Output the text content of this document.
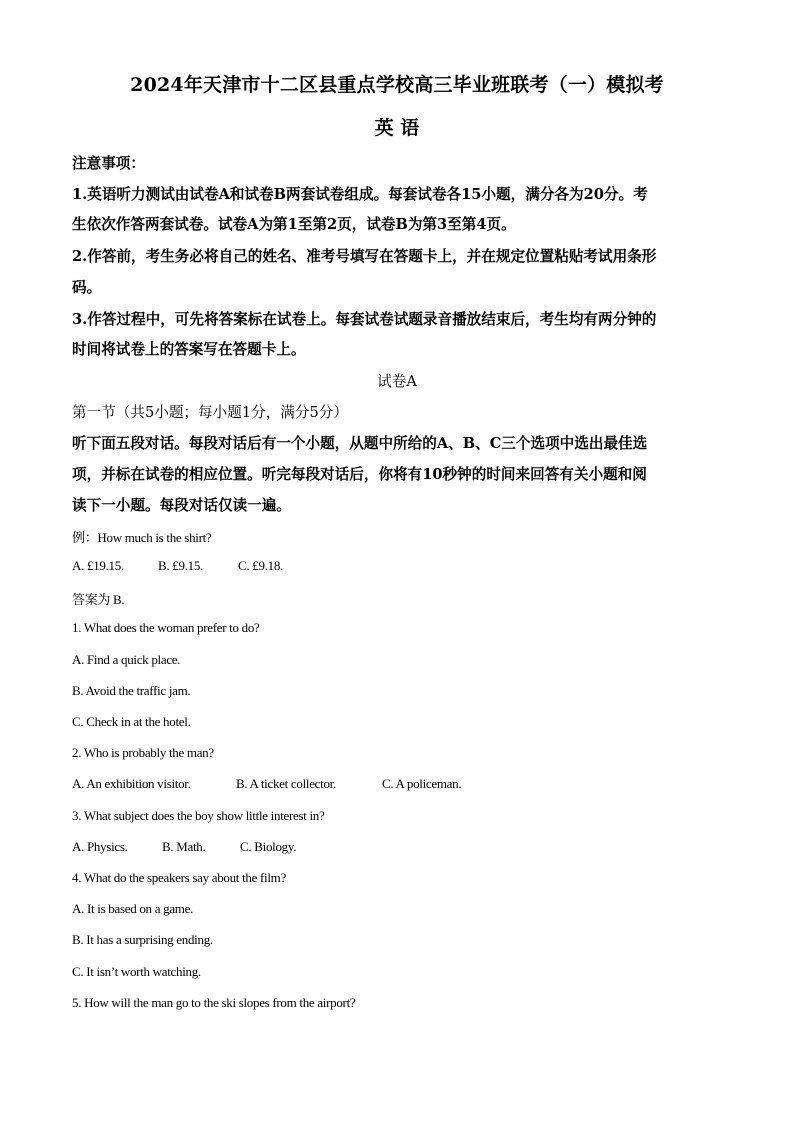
2024年天津市十二区县重点学校高三毕业班联考（一）模拟考
英 语
注意事项：
1.英语听力测试由试卷A和试卷B两套试卷组成。每套试卷各15小题，满分各为20分。考
生依次作答两套试卷。试卷A为第1至第2页，试卷B为第3至第4页。
2.作答前，考生务必将自己的姓名、准考号填写在答题卡上，并在规定位置粘贴考试用条形
码。
3.作答过程中，可先将答案标在试卷上。每套试卷试题录音播放结束后，考生均有两分钟的
时间将试卷上的答案写在答题卡上。
试卷A
第一节（共5小题；每小题1分，满分5分）
听下面五段对话。每段对话后有一个小题，从题中所给的A、B、C三个选项中选出最佳选
项，并标在试卷的相应位置。听完每段对话后，你将有10秒钟的时间来回答有关小题和阅
读下一小题。每段对话仅读一遍。
例：How much is the shirt?
A. £19.15.	B. £9.15.	C. £9.18.
答案为 B.
1. What does the woman prefer to do?
A. Find a quick place.
B. Avoid the traffic jam.
C. Check in at the hotel.
2. Who is probably the man?
A. An exhibition visitor.	B. A ticket collector.	C. A policeman.
3. What subject does the boy show little interest in?
A. Physics.	B. Math.	C. Biology.
4. What do the speakers say about the film?
A. It is based on a game.
B. It has a surprising ending.
C. It isn’t worth watching.
5. How will the man go to the ski slopes from the airport?
